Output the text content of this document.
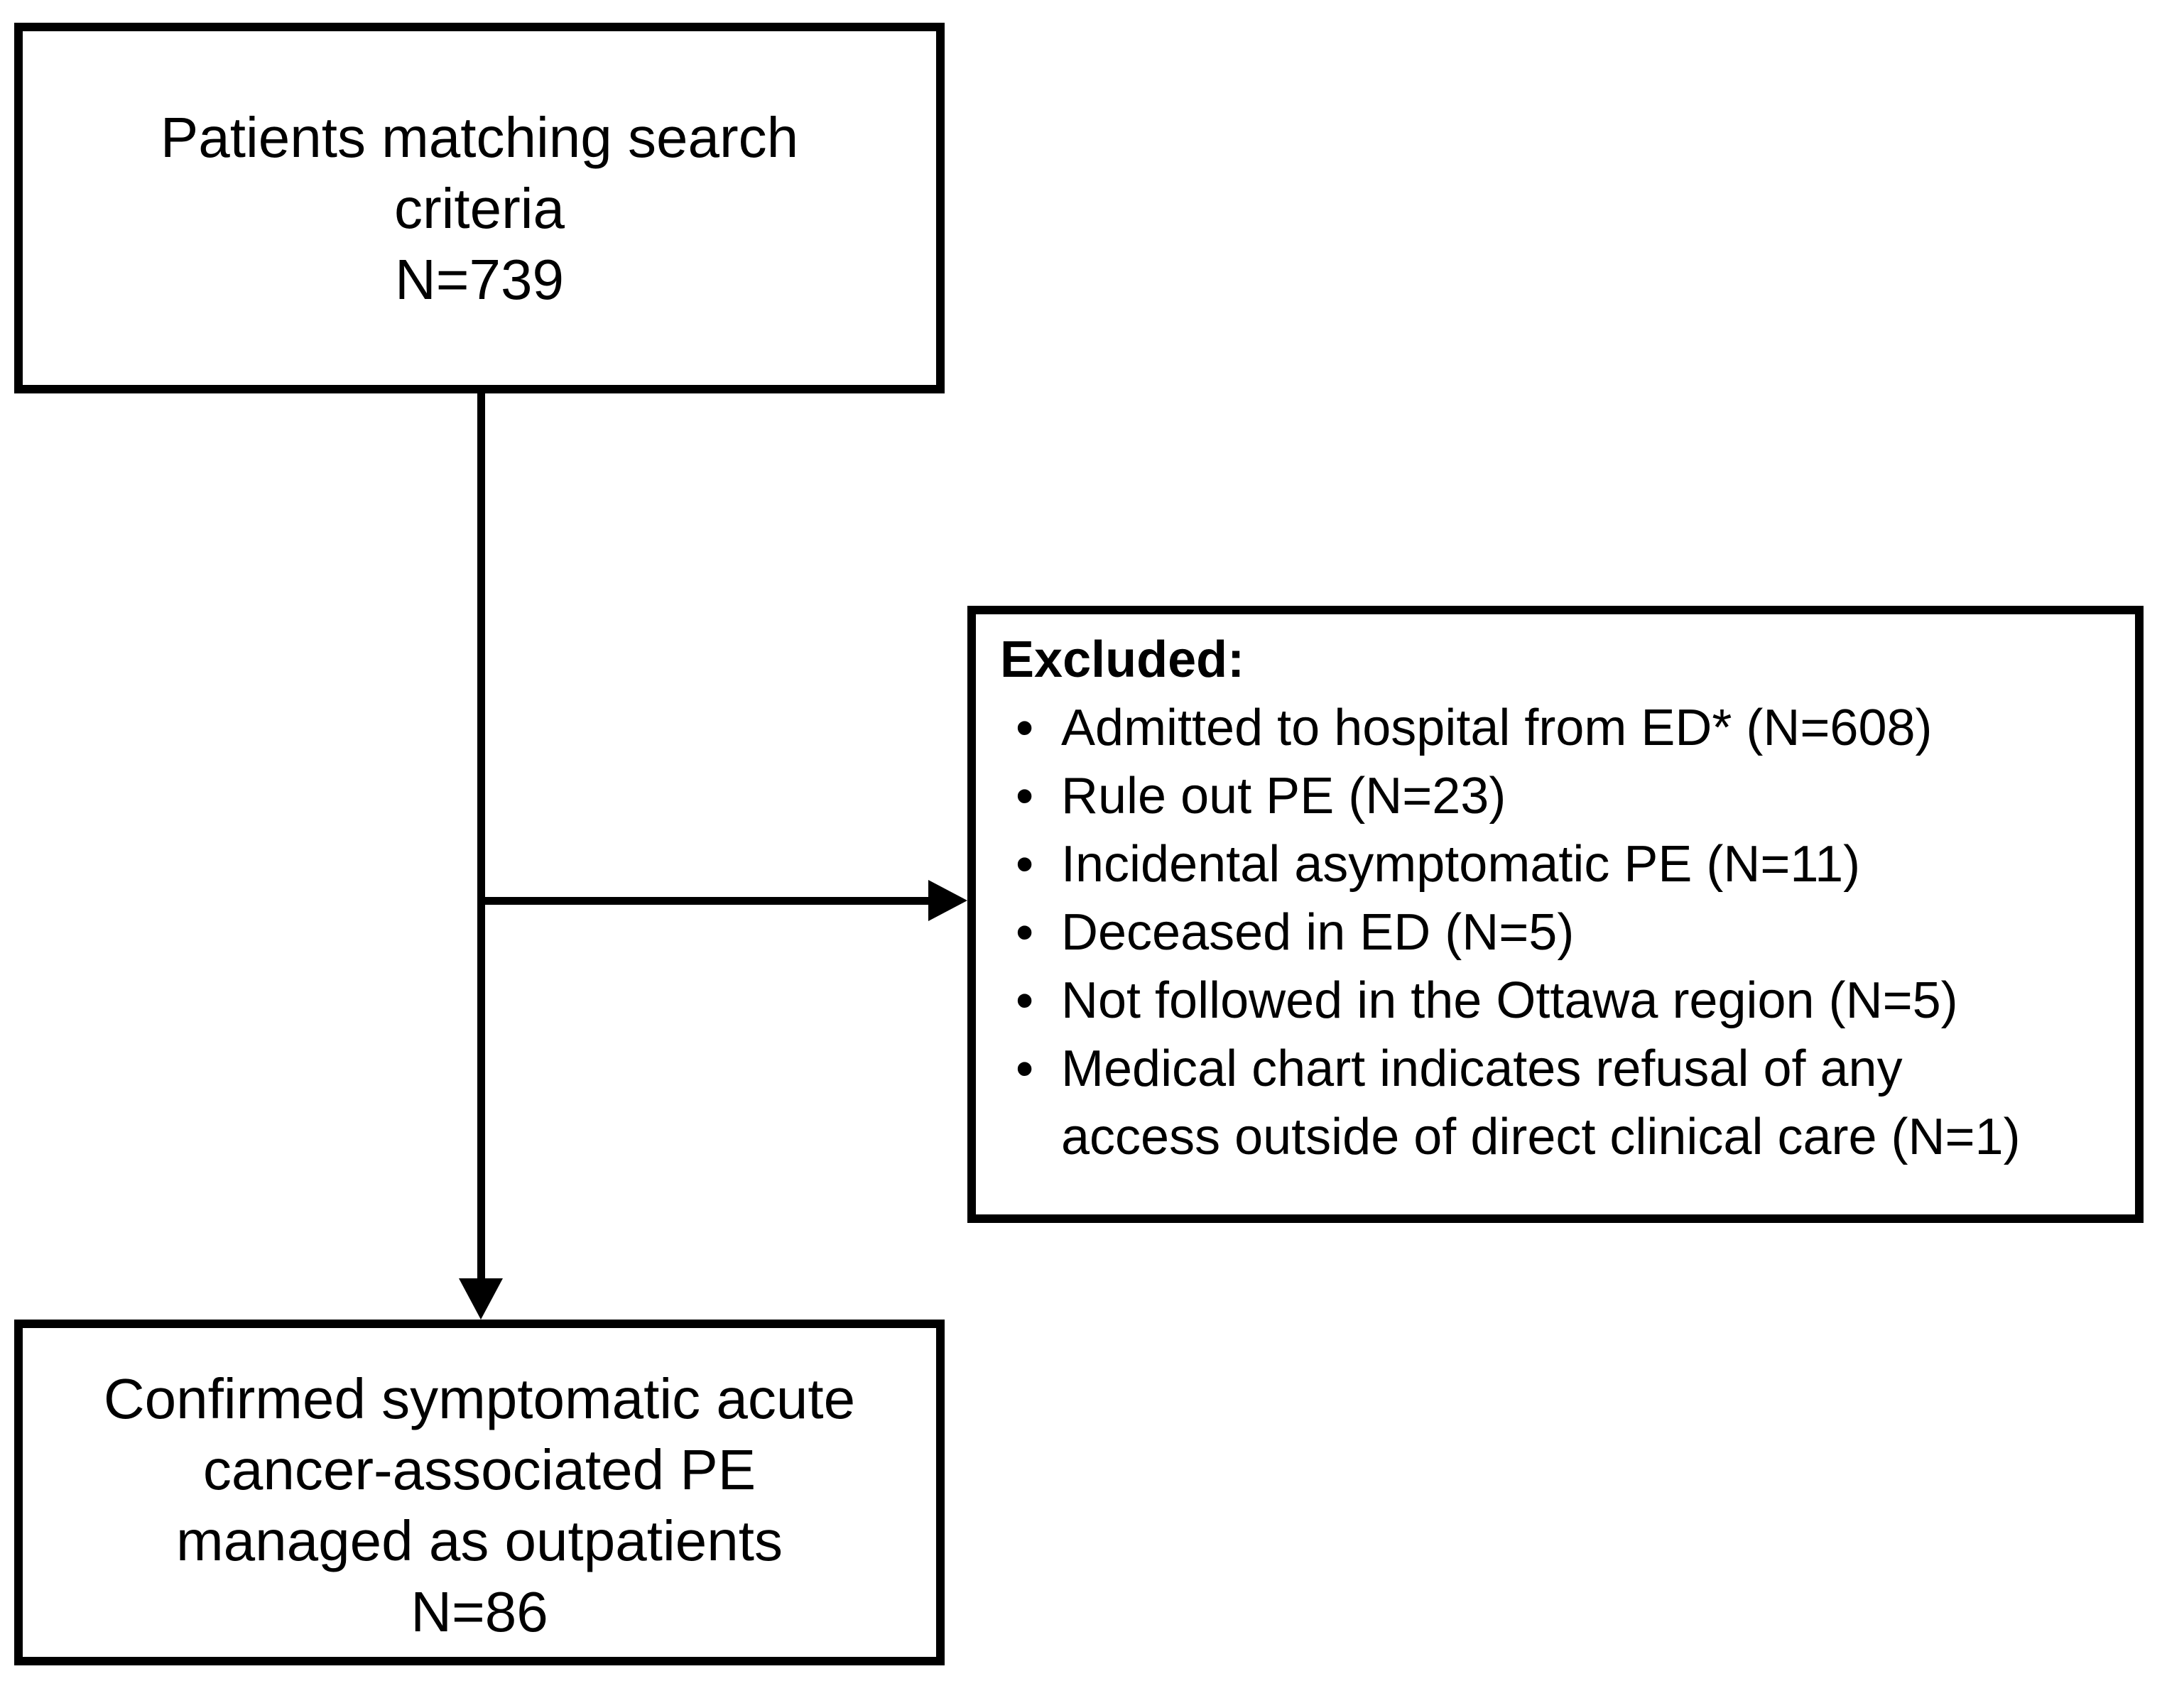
Patients matching search
criteria
N=739
Excluded:
• Admitted to hospital from ED* (N=608)
• Rule out PE (N=23)
• Incidental asymptomatic PE (N=11)
• Deceased in ED (N=5)
• Not followed in the Ottawa region (N=5)
• Medical chart indicates refusal of any
access outside of direct clinical care (N=1)
Confirmed symptomatic acute
cancer-associated PE
managed as outpatients
N=86
